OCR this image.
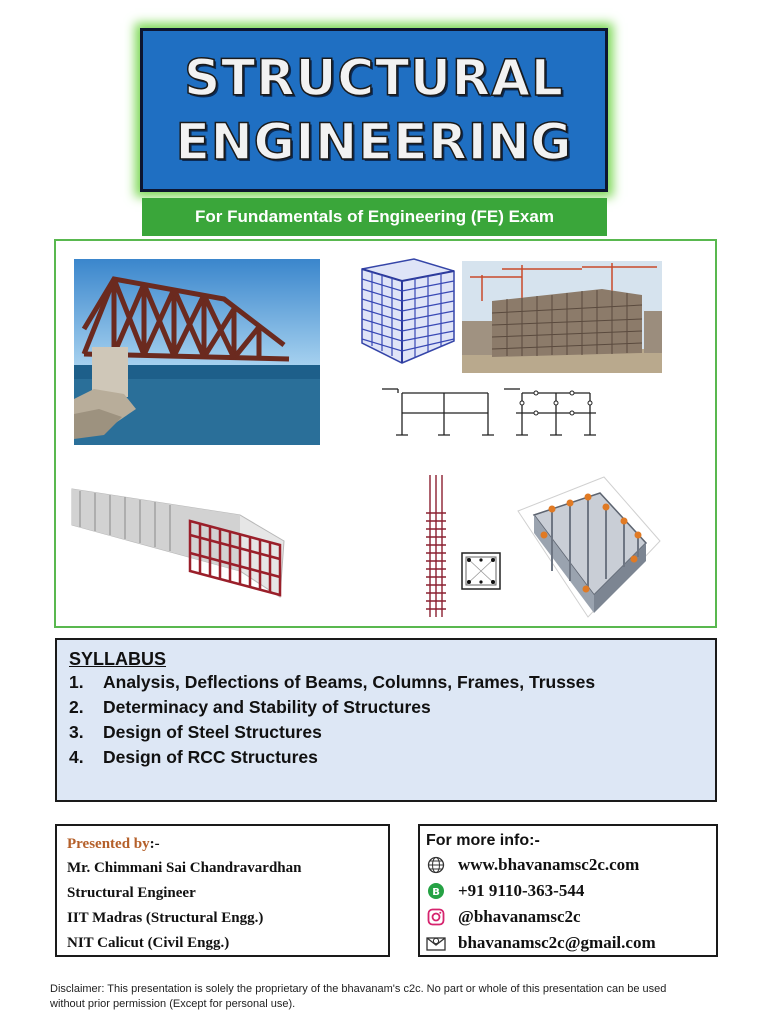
STRUCTURAL
ENGINEERING
For Fundamentals of Engineering (FE) Exam
SYLLABUS
1.	Analysis, Deflections of Beams, Columns, Frames, Trusses
2.	Determinacy and Stability of Structures
3.	Design of Steel Structures
4.	Design of RCC Structures
Presented by:-
Mr. Chimmani Sai Chandravardhan
Structural Engineer
IIT Madras (Structural Engg.)
NIT Calicut (Civil Engg.)
For more info:-
www.bhavanamsc2c.com
B +91 9110-363-544
@bhavanamsc2c
bhavanamsc2c@gmail.com
Disclaimer: This presentation is solely the proprietary of the bhavanam's c2c. No part or whole of this presentation can be used without prior permission (Except for personal use).
